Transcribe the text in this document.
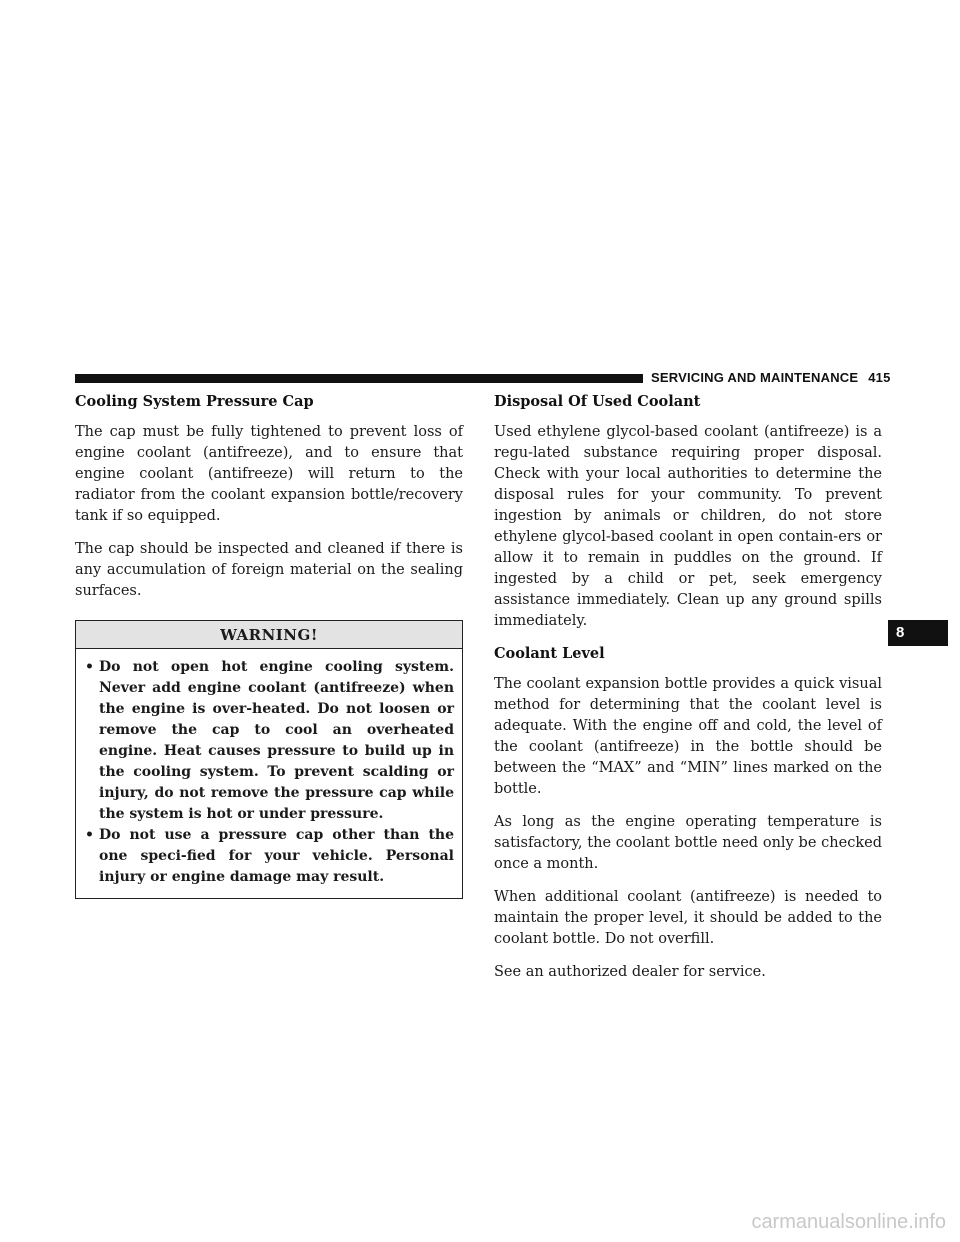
SERVICING AND MAINTENANCE 415
Cooling System Pressure Cap

The cap must be fully tightened to prevent loss of engine coolant (antifreeze), and to ensure that engine coolant (antifreeze) will return to the radiator from the coolant expansion bottle/recovery tank if so equipped.

The cap should be inspected and cleaned if there is any accumulation of foreign material on the sealing surfaces.

WARNING!
• Do not open hot engine cooling system. Never add engine coolant (antifreeze) when the engine is over-heated. Do not loosen or remove the cap to cool an overheated engine. Heat causes pressure to build up in the cooling system. To prevent scalding or injury, do not remove the pressure cap while the system is hot or under pressure.
• Do not use a pressure cap other than the one speci-fied for your vehicle. Personal injury or engine damage may result.
Disposal Of Used Coolant

Used ethylene glycol-based coolant (antifreeze) is a regu-lated substance requiring proper disposal. Check with your local authorities to determine the disposal rules for your community. To prevent ingestion by animals or children, do not store ethylene glycol-based coolant in open contain-ers or allow it to remain in puddles on the ground. If ingested by a child or pet, seek emergency assistance immediately. Clean up any ground spills immediately.

Coolant Level

The coolant expansion bottle provides a quick visual method for determining that the coolant level is adequate. With the engine off and cold, the level of the coolant (antifreeze) in the bottle should be between the “MAX” and “MIN” lines marked on the bottle.

As long as the engine operating temperature is satisfactory, the coolant bottle need only be checked once a month.

When additional coolant (antifreeze) is needed to maintain the proper level, it should be added to the coolant bottle. Do not overfill.

See an authorized dealer for service.

8
carmanualsonline.info
